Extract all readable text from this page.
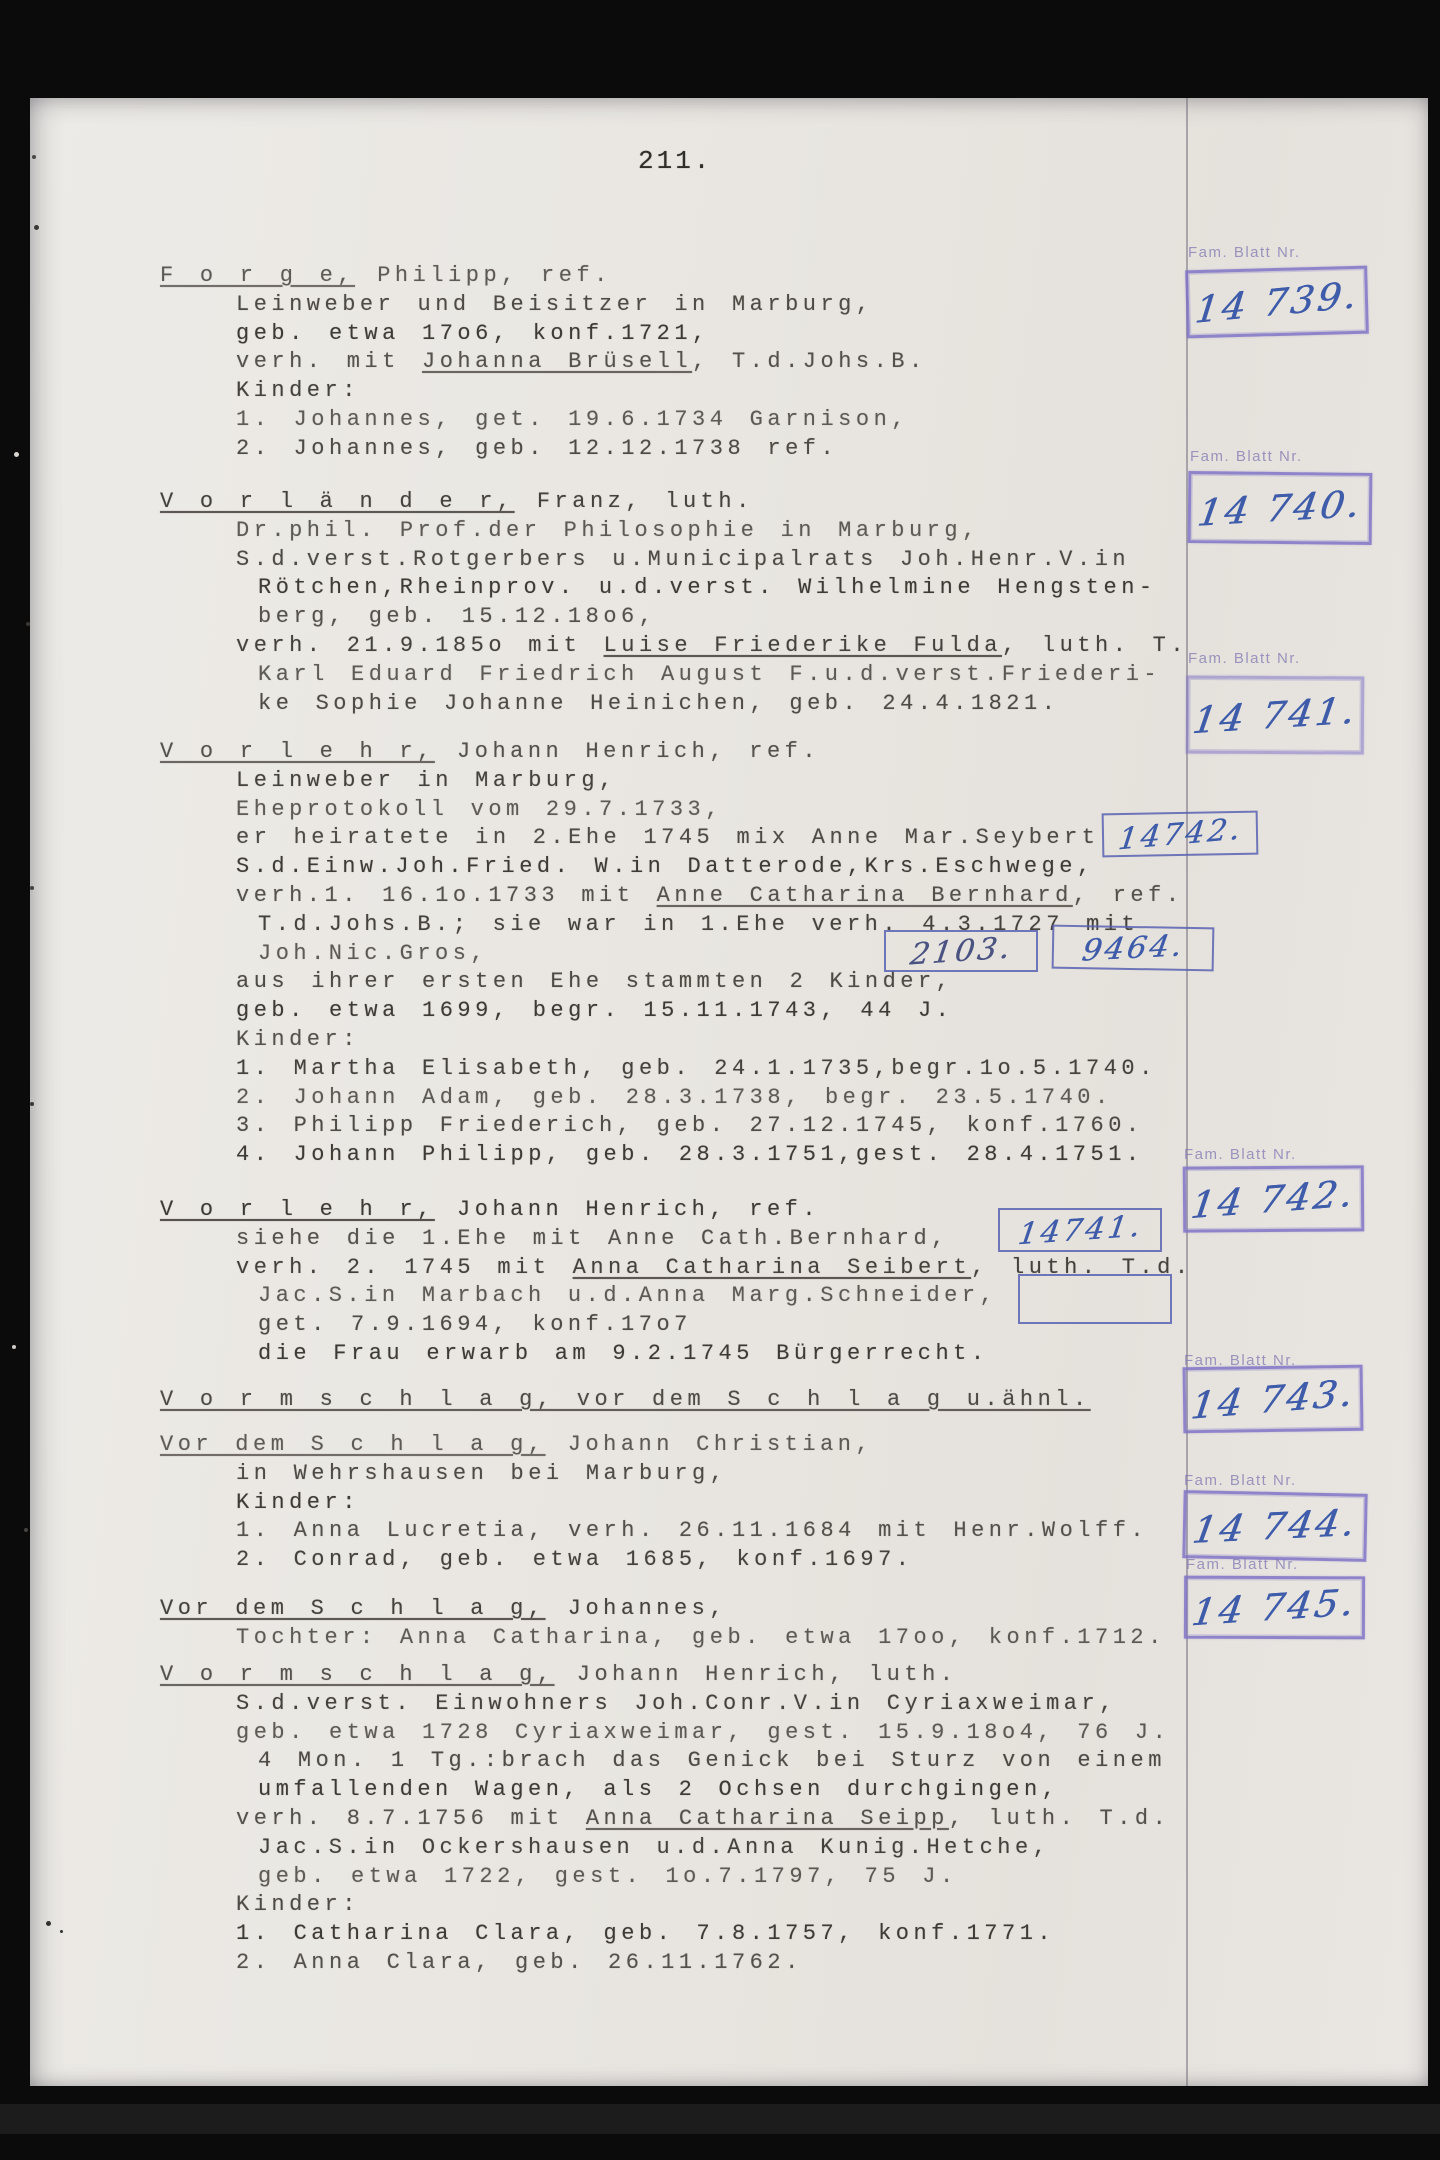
211.
F o r g e, Philipp, ref.
Leinweber und Beisitzer in Marburg,
geb. etwa 17o6, konf.1721,
verh. mit Johanna Brüsell, T.d.Johs.B.
Kinder:
1. Johannes, get. 19.6.1734 Garnison,
2. Johannes, geb. 12.12.1738 ref.
V o r l ä n d e r, Franz, luth.
Dr.phil. Prof.der Philosophie in Marburg,
S.d.verst.Rotgerbers u.Municipalrats Joh.Henr.V.in
Rötchen,Rheinprov. u.d.verst. Wilhelmine Hengsten-
berg, geb. 15.12.18o6,
verh. 21.9.185o mit Luise Friederike Fulda, luth. T.
Karl Eduard Friedrich August F.u.d.verst.Friederi-
ke Sophie Johanne Heinichen, geb. 24.4.1821.
V o r l e h r, Johann Henrich, ref.
Leinweber in Marburg,
Eheprotokoll vom 29.7.1733,
er heiratete in 2.Ehe 1745 mix Anne Mar.Seybert
S.d.Einw.Joh.Fried. W.in Datterode,Krs.Eschwege,
verh.1. 16.1o.1733 mit Anne Catharina Bernhard, ref.
T.d.Johs.B.; sie war in 1.Ehe verh. 4.3.1727 mit
Joh.Nic.Gros,
aus ihrer ersten Ehe stammten 2 Kinder,
geb. etwa 1699, begr. 15.11.1743, 44 J.
Kinder:
1. Martha Elisabeth, geb. 24.1.1735,begr.1o.5.1740.
2. Johann Adam, geb. 28.3.1738, begr. 23.5.1740.
3. Philipp Friederich, geb. 27.12.1745, konf.1760.
4. Johann Philipp, geb. 28.3.1751,gest. 28.4.1751.
V o r l e h r, Johann Henrich, ref.
siehe die 1.Ehe mit Anne Cath.Bernhard,
verh. 2. 1745 mit Anna Catharina Seibert, luth. T.d.
Jac.S.in Marbach u.d.Anna Marg.Schneider,
get. 7.9.1694, konf.17o7
die Frau erwarb am 9.2.1745 Bürgerrecht.
V o r m s c h l a g, vor dem S c h l a g u.ähnl.
Vor dem S c h l a g, Johann Christian,
in Wehrshausen bei Marburg,
Kinder:
1. Anna Lucretia, verh. 26.11.1684 mit Henr.Wolff.
2. Conrad, geb. etwa 1685, konf.1697.
Vor dem S c h l a g, Johannes,
Tochter: Anna Catharina, geb. etwa 17oo, konf.1712.
V o r m s c h l a g, Johann Henrich, luth.
S.d.verst. Einwohners Joh.Conr.V.in Cyriaxweimar,
geb. etwa 1728 Cyriaxweimar, gest. 15.9.18o4, 76 J.
4 Mon. 1 Tg.:brach das Genick bei Sturz von einem
umfallenden Wagen, als 2 Ochsen durchgingen,
verh. 8.7.1756 mit Anna Catharina Seipp, luth. T.d.
Jac.S.in Ockershausen u.d.Anna Kunig.Hetche,
geb. etwa 1722, gest. 1o.7.1797, 75 J.
Kinder:
1. Catharina Clara, geb. 7.8.1757, konf.1771.
2. Anna Clara, geb. 26.11.1762.
Fam. Blatt Nr.
14 739.
Fam. Blatt Nr.
14 740.
Fam. Blatt Nr.
14 741.
Fam. Blatt Nr.
14 742.
Fam. Blatt Nr.
14 743.
Fam. Blatt Nr.
14 744.
Fam. Blatt Nr.
14 745.
14742.
2103. 9464.
14741.
